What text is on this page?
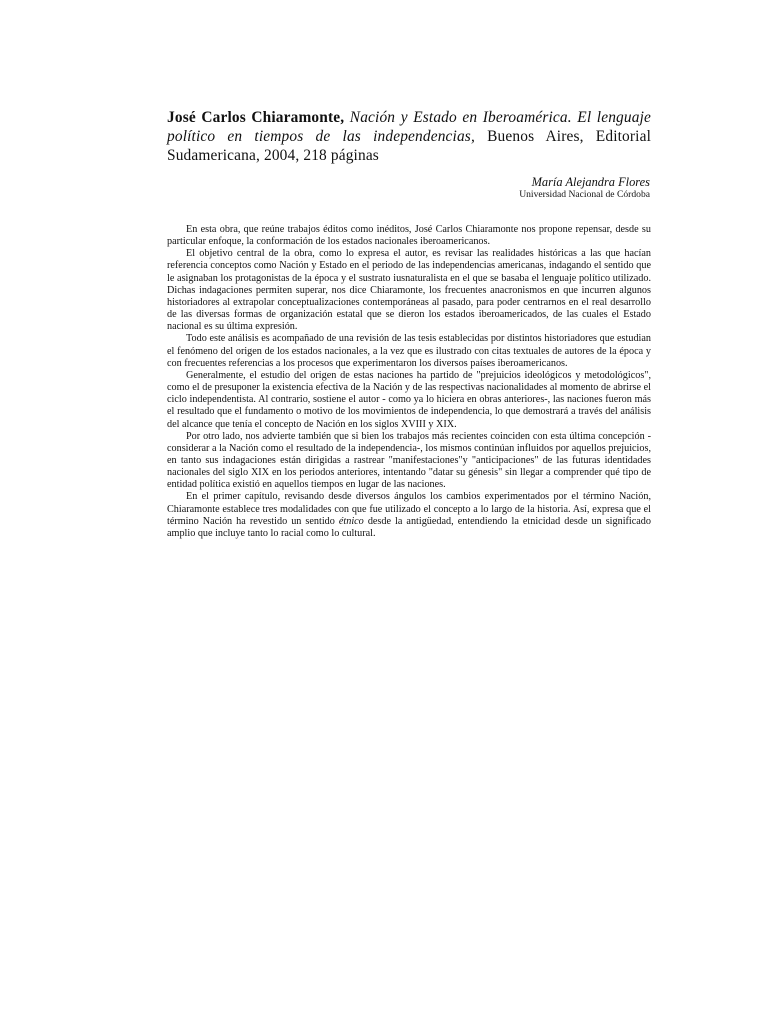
José Carlos Chiaramonte, Nación y Estado en Iberoamérica. El lenguaje político en tiempos de las independencias, Buenos Aires, Editorial Sudamericana, 2004, 218 páginas
María Alejandra Flores
Universidad Nacional de Córdoba

En esta obra, que reúne trabajos éditos como inéditos, José Carlos Chiaramonte nos propone repensar, desde su particular enfoque, la conformación de los estados nacionales iberoamericanos.

El objetivo central de la obra, como lo expresa el autor, es revisar las realidades históricas a las que hacían referencia conceptos como Nación y Estado en el periodo de las independencias americanas, indagando el sentido que le asignaban los protagonistas de la época y el sustrato iusnaturalista en el que se basaba el lenguaje político utilizado. Dichas indagaciones permiten superar, nos dice Chiaramonte, los frecuentes anacronismos en que incurren algunos historiadores al extrapolar conceptualizaciones contemporáneas al pasado, para poder centrarnos en el real desarrollo de las diversas formas de organización estatal que se dieron los estados iberoamericados, de las cuales el Estado nacional es su última expresión.

Todo este análisis es acompañado de una revisión de las tesis establecidas por distintos historiadores que estudian el fenómeno del origen de los estados nacionales, a la vez que es ilustrado con citas textuales de autores de la época y con frecuentes referencias a los procesos que experimentaron los diversos países iberoamericanos.

Generalmente, el estudio del origen de estas naciones ha partido de "prejuicios ideológicos y metodológicos", como el de presuponer la existencia efectiva de la Nación y de las respectivas nacionalidades al momento de abrirse el ciclo independentista. Al contrario, sostiene el autor - como ya lo hiciera en obras anteriores-, las naciones fueron más el resultado que el fundamento o motivo de los movimientos de independencia, lo que demostrará a través del análisis del alcance que tenía el concepto de Nación en los siglos XVIII y XIX.

Por otro lado, nos advierte también que si bien los trabajos más recientes coinciden con esta última concepción -considerar a la Nación como el resultado de la independencia-, los mismos continúan influidos por aquellos prejuicios, en tanto sus indagaciones están dirigidas a rastrear "manifestaciones"y "anticipaciones" de las futuras identidades nacionales del siglo XIX en los periodos anteriores, intentando "datar su génesis" sin llegar a comprender qué tipo de entidad política existió en aquellos tiempos en lugar de las naciones.

En el primer capítulo, revisando desde diversos ángulos los cambios experimentados por el término Nación, Chiaramonte establece tres modalidades con que fue utilizado el concepto a lo largo de la historia. Así, expresa que el término Nación ha revestido un sentido étnico desde la antigüedad, entendiendo la etnicidad desde un significado amplio que incluye tanto lo racial como lo cultural.
